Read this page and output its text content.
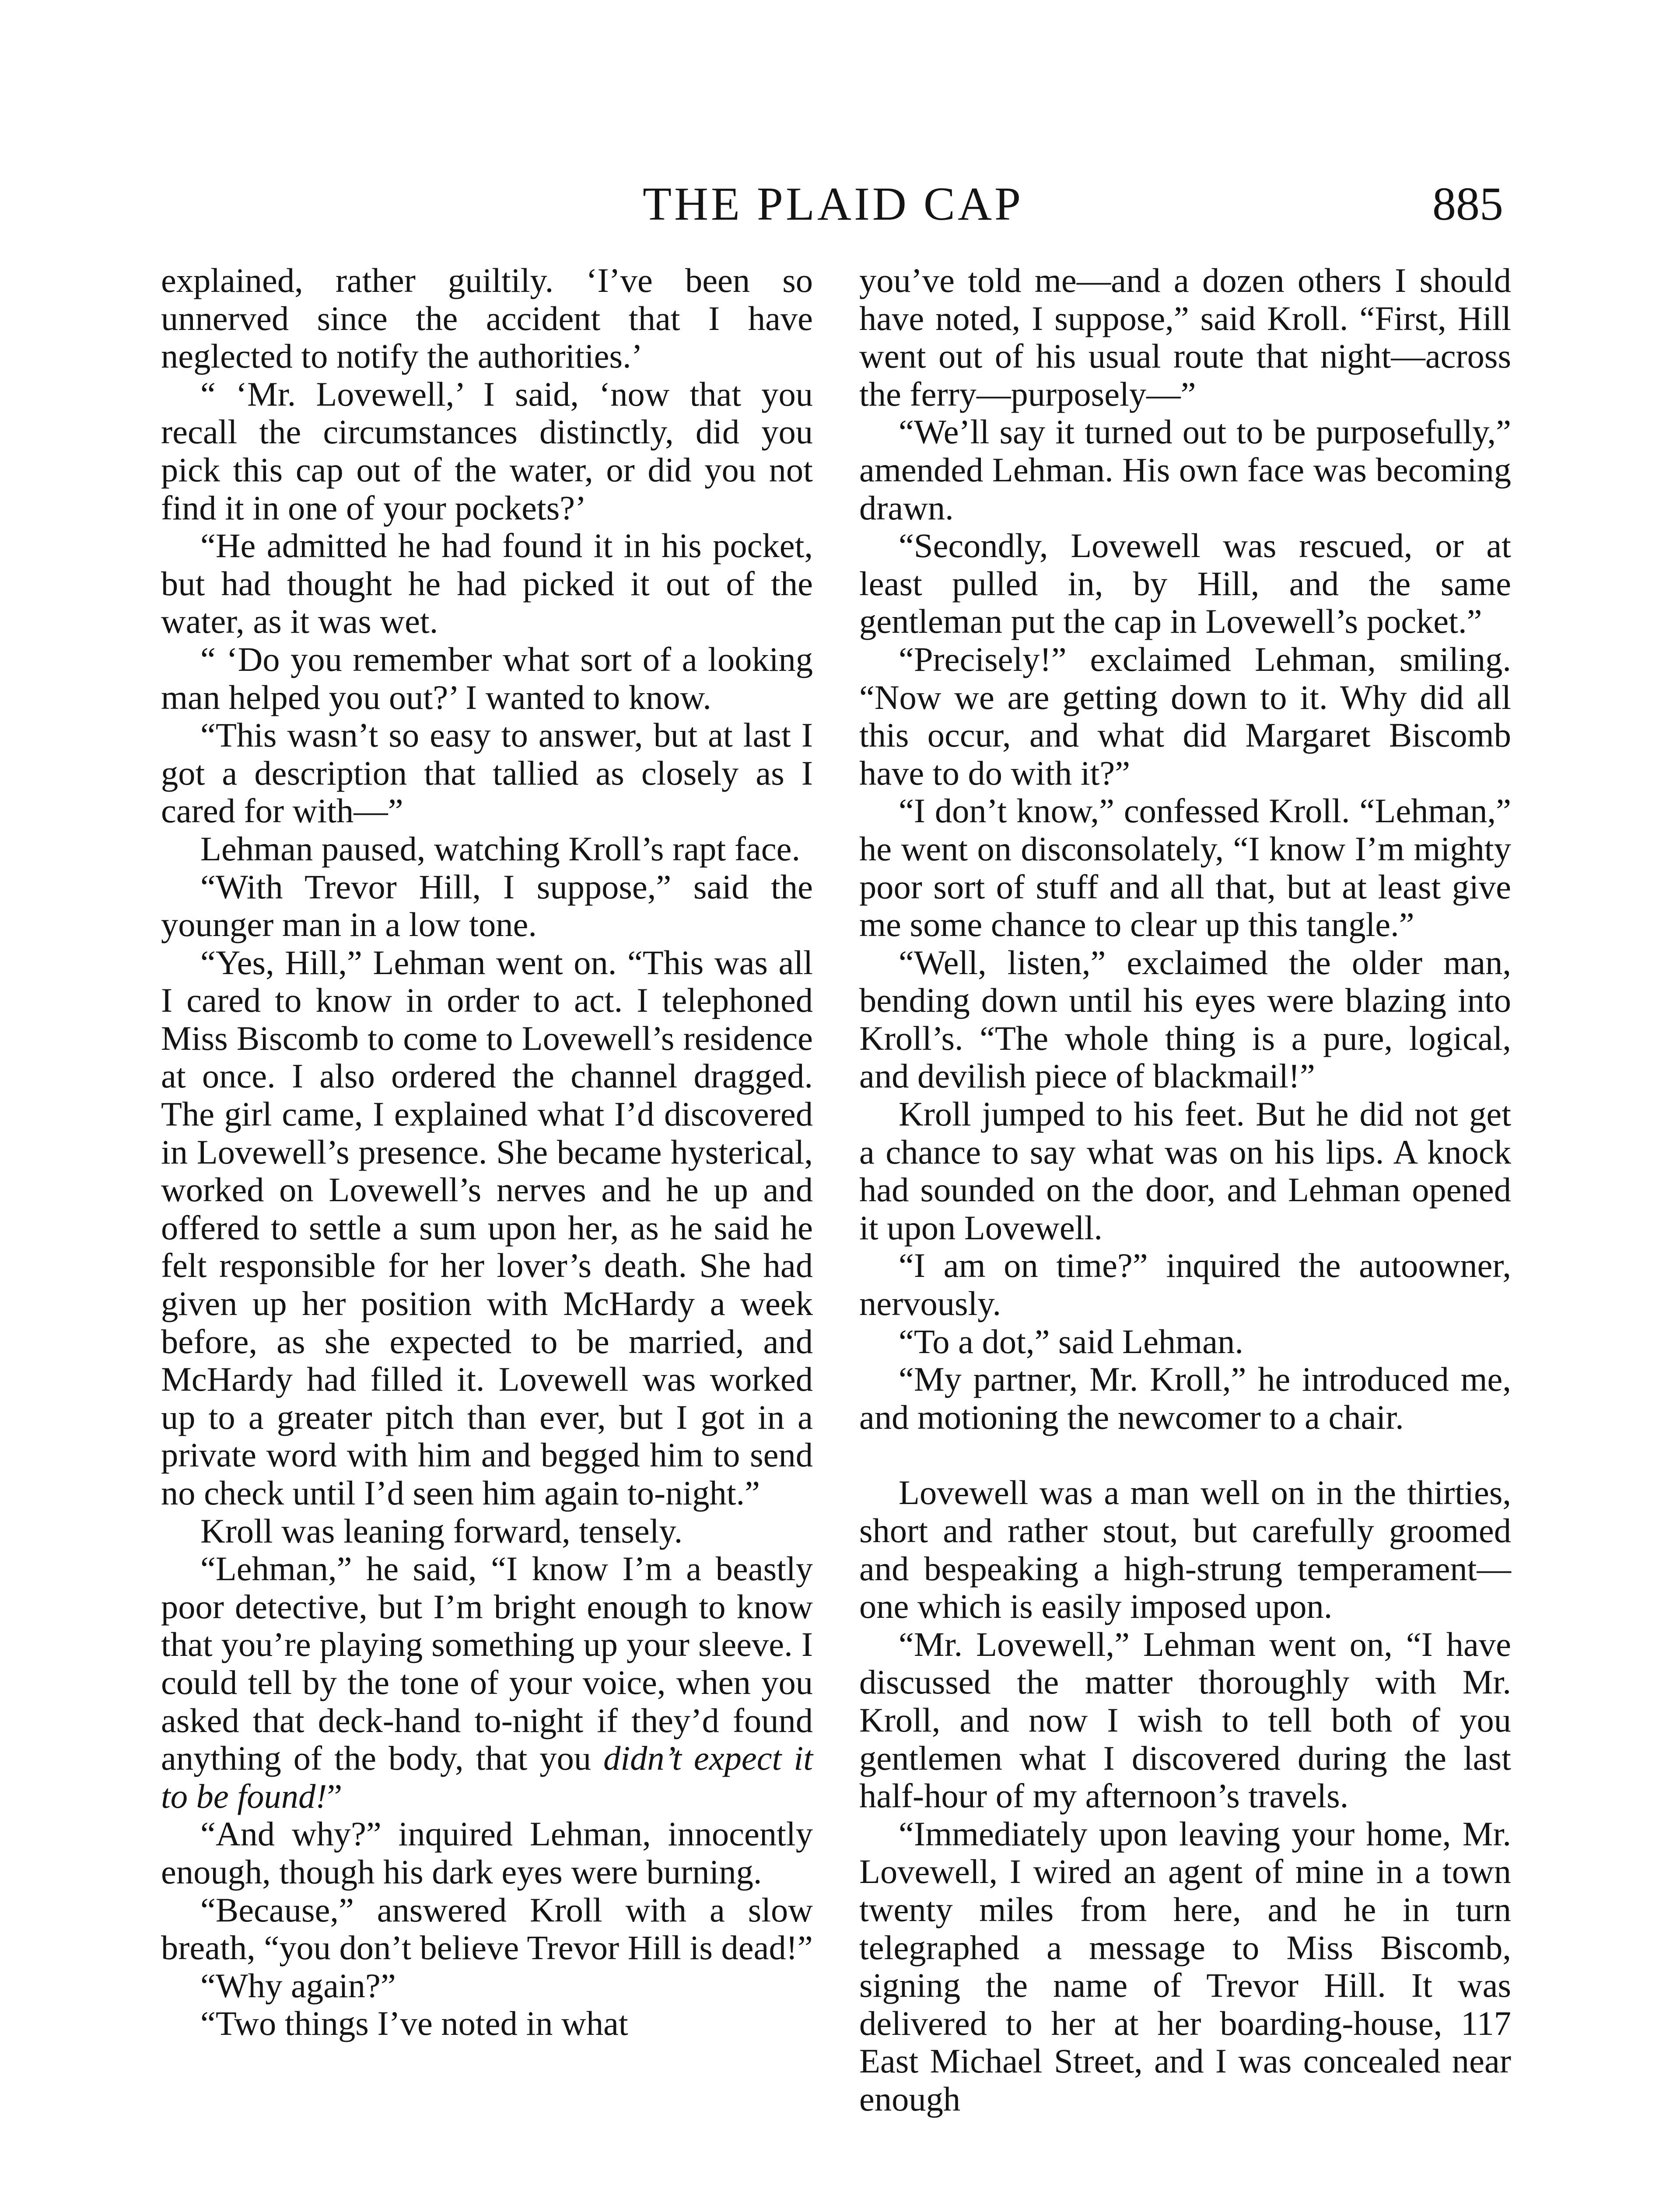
THE PLAID CAP	885

explained, rather guiltily. ‘I’ve been so unnerved since the accident that I have neglected to notify the authorities.’

“ ‘Mr. Lovewell,’ I said, ‘now that you recall the circumstances distinctly, did you pick this cap out of the water, or did you not find it in one of your pockets?’

“He admitted he had found it in his pocket, but had thought he had picked it out of the water, as it was wet.

“ ‘Do you remember what sort of a looking man helped you out?’ I wanted to know.

“This wasn’t so easy to answer, but at last I got a description that tallied as closely as I cared for with—”

Lehman paused, watching Kroll’s rapt face.

“With Trevor Hill, I suppose,” said the younger man in a low tone.

“Yes, Hill,” Lehman went on. “This was all I cared to know in order to act. I telephoned Miss Biscomb to come to Lovewell’s residence at once. I also ordered the channel dragged. The girl came, I explained what I’d discovered in Lovewell’s presence. She became hysterical, worked on Lovewell’s nerves and he up and offered to settle a sum upon her, as he said he felt responsible for her lover’s death. She had given up her position with McHardy a week before, as she expected to be married, and McHardy had filled it. Lovewell was worked up to a greater pitch than ever, but I got in a private word with him and begged him to send no check until I’d seen him again to-night.”

Kroll was leaning forward, tensely.

“Lehman,” he said, “I know I’m a beastly poor detective, but I’m bright enough to know that you’re playing something up your sleeve. I could tell by the tone of your voice, when you asked that deck-hand to-night if they’d found anything of the body, that you didn’t expect it to be found!”

“And why?” inquired Lehman, innocently enough, though his dark eyes were burning.

“Because,” answered Kroll with a slow breath, “you don’t believe Trevor Hill is dead!”

“Why again?”

“Two things I’ve noted in what

you’ve told me—and a dozen others I should have noted, I suppose,” said Kroll. “First, Hill went out of his usual route that night—across the ferry—purposely—”

“We’ll say it turned out to be purposefully,” amended Lehman. His own face was becoming drawn.

“Secondly, Lovewell was rescued, or at least pulled in, by Hill, and the same gentleman put the cap in Lovewell’s pocket.”

“Precisely!” exclaimed Lehman, smiling. “Now we are getting down to it. Why did all this occur, and what did Margaret Biscomb have to do with it?”

“I don’t know,” confessed Kroll. “Lehman,” he went on disconsolately, “I know I’m mighty poor sort of stuff and all that, but at least give me some chance to clear up this tangle.”

“Well, listen,” exclaimed the older man, bending down until his eyes were blazing into Kroll’s. “The whole thing is a pure, logical, and devilish piece of blackmail!”

Kroll jumped to his feet. But he did not get a chance to say what was on his lips. A knock had sounded on the door, and Lehman opened it upon Lovewell.

“I am on time?” inquired the autoowner, nervously.

“To a dot,” said Lehman.

“My partner, Mr. Kroll,” he introduced me, and motioning the newcomer to a chair.

Lovewell was a man well on in the thirties, short and rather stout, but carefully groomed and bespeaking a high-strung temperament—one which is easily imposed upon.

“Mr. Lovewell,” Lehman went on, “I have discussed the matter thoroughly with Mr. Kroll, and now I wish to tell both of you gentlemen what I discovered during the last half-hour of my afternoon’s travels.

“Immediately upon leaving your home, Mr. Lovewell, I wired an agent of mine in a town twenty miles from here, and he in turn telegraphed a message to Miss Biscomb, signing the name of Trevor Hill. It was delivered to her at her boarding-house, 117 East Michael Street, and I was concealed near enough
